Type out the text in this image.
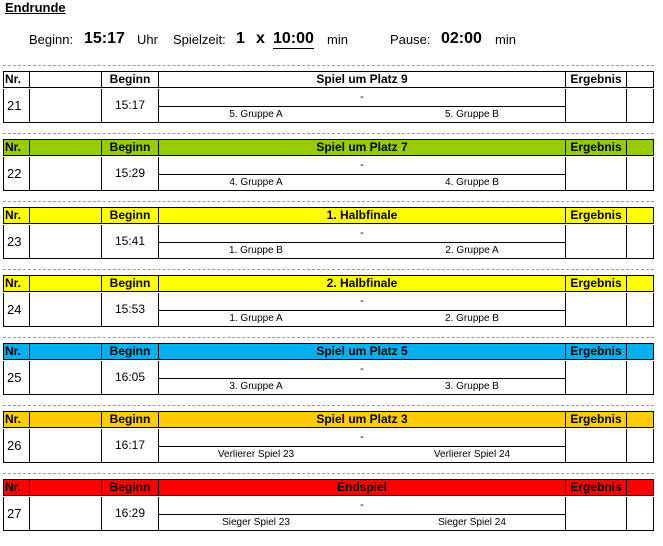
Endrunde
Beginn: 15:17 Uhr Spielzeit: 1 x 10:00 min	Pause: 02:00 min
Nr.	Beginn	Spiel um Platz 9	Ergebnis
21	15:17
-
5. Gruppe A	5. Gruppe B
Nr.	Beginn	Spiel um Platz 7	Ergebnis
22	15:29
-
4. Gruppe A	4. Gruppe B
Nr.	Beginn	1. Halbfinale	Ergebnis
23	15:41
-
1. Gruppe B	2. Gruppe A
Nr.	Beginn	2. Halbfinale	Ergebnis
24	15:53
-
1. Gruppe A	2. Gruppe B
Nr.	Beginn	Spiel um Platz 5	Ergebnis
25	16:05
-
3. Gruppe A	3. Gruppe B
Nr.	Beginn	Spiel um Platz 3	Ergebnis
26	16:17
-
Verlierer Spiel 23	Verlierer Spiel 24
Nr.	Beginn	Endspiel	Ergebnis
27	16:29
-
Sieger Spiel 23	Sieger Spiel 24
